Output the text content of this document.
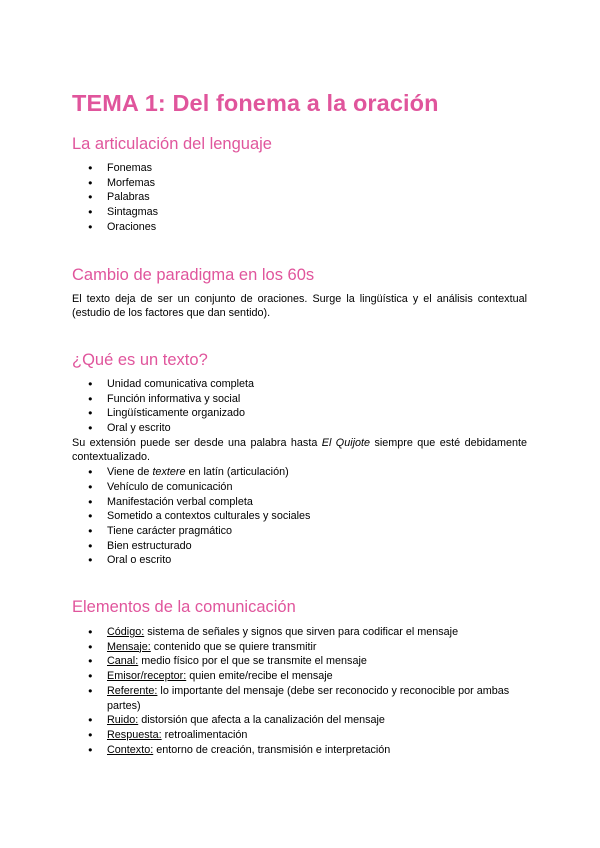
TEMA 1: Del fonema a la oración
La articulación del lenguaje
● Fonemas
● Morfemas
● Palabras
● Sintagmas
● Oraciones
Cambio de paradigma en los 60s

El texto deja de ser un conjunto de oraciones. Surge la lingüística y el análisis contextual (estudio de los factores que dan sentido).

¿Qué es un texto?
● Unidad comunicativa completa
● Función informativa y social
● Lingüísticamente organizado
● Oral y escrito

Su extensión puede ser desde una palabra hasta El Quijote siempre que esté debidamente contextualizado.

● Viene de textere en latín (articulación)
● Vehículo de comunicación
● Manifestación verbal completa
● Sometido a contextos culturales y sociales
● Tiene carácter pragmático
● Bien estructurado
● Oral o escrito
Elementos de la comunicación
● Código: sistema de señales y signos que sirven para codificar el mensaje
● Mensaje: contenido que se quiere transmitir
● Canal: medio físico por el que se transmite el mensaje
● Emisor/receptor: quien emite/recibe el mensaje
● Referente: lo importante del mensaje (debe ser reconocido y reconocible por ambas partes)
● Ruido: distorsión que afecta a la canalización del mensaje
● Respuesta: retroalimentación
● Contexto: entorno de creación, transmisión e interpretación
